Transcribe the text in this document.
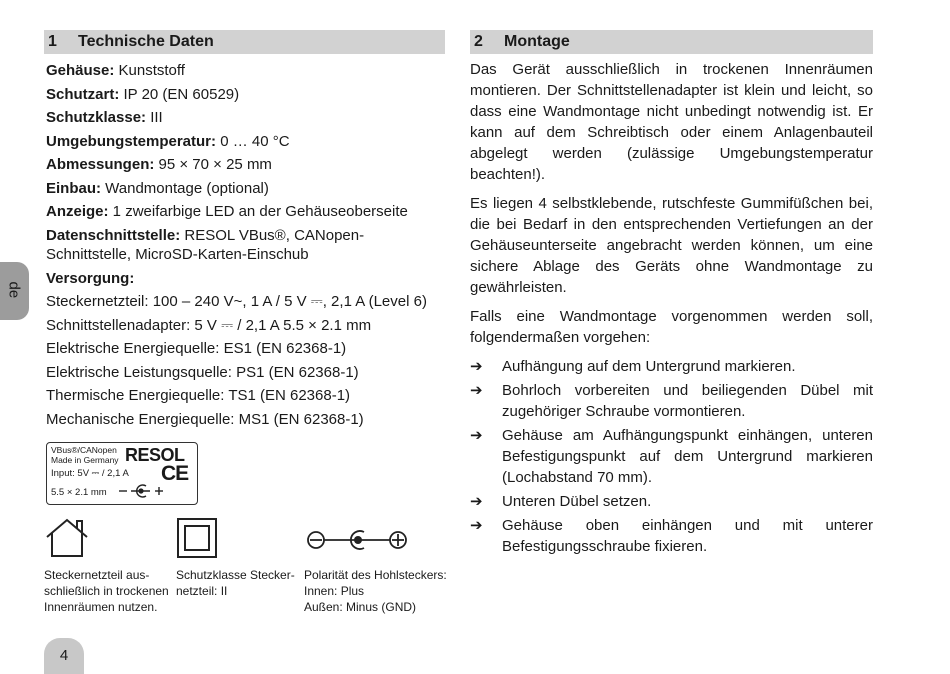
de
4
1	Technische Daten
Gehäuse: Kunststoff
Schutzart: IP 20 (EN 60529)
Schutzklasse: III
Umgebungstemperatur: 0 … 40 °C
Abmessungen: 95 × 70 × 25 mm
Einbau: Wandmontage (optional)
Anzeige: 1 zweifarbige LED an der Gehäuseoberseite
Datenschnittstelle: RESOL VBus®, CANopen-Schnittstelle, MicroSD-Karten-Einschub
Versorgung:
Steckernetzteil: 100 – 240 V~, 1 A / 5 V ⎓, 2,1 A (Level 6)
Schnittstellenadapter: 5 V ⎓ / 2,1 A 5.5 × 2.1 mm
Elektrische Energiequelle: ES1 (EN 62368-1)
Elektrische Leistungsquelle: PS1 (EN 62368-1)
Thermische Energiequelle: TS1 (EN 62368-1)
Mechanische Energiequelle: MS1 (EN 62368-1)
VBus®/CANopen
Made in Germany RESOL
Input: 5V ⎓ / 2,1 A CE
5.5 × 2.1 mm
Steckernetzteil aus-
schließlich in trockenen
Innenräumen nutzen.
Schutzklasse Stecker-
netzteil: II
Polarität des Hohlsteckers:
Innen: Plus
Außen: Minus (GND)
2	Montage

Das Gerät ausschließlich in trockenen Innenräumen montieren. Der Schnittstellenadapter ist klein und leicht, so dass eine Wandmontage nicht unbedingt notwendig ist. Er kann auf dem Schreibtisch oder einem Anlagenbauteil abgelegt werden (zulässige Umgebungstemperatur beachten!).

Es liegen 4 selbstklebende, rutschfeste Gummifüßchen bei, die bei Bedarf in den entsprechenden Vertiefungen an der Gehäuseunterseite angebracht werden können, um eine sichere Ablage des Geräts ohne Wandmontage zu gewährleisten.

Falls eine Wandmontage vorgenommen werden soll, folgendermaßen vorgehen:

➔	Aufhängung auf dem Untergrund markieren.
➔	Bohrloch vorbereiten und beiliegenden Dübel mit zugehöriger Schraube vormontieren.
➔	Gehäuse am Aufhängungspunkt einhängen, unteren Befestigungspunkt auf dem Untergrund markieren (Lochabstand 70 mm).
➔	Unteren Dübel setzen.
➔	Gehäuse oben einhängen und mit unterer Befestigungsschraube fixieren.
